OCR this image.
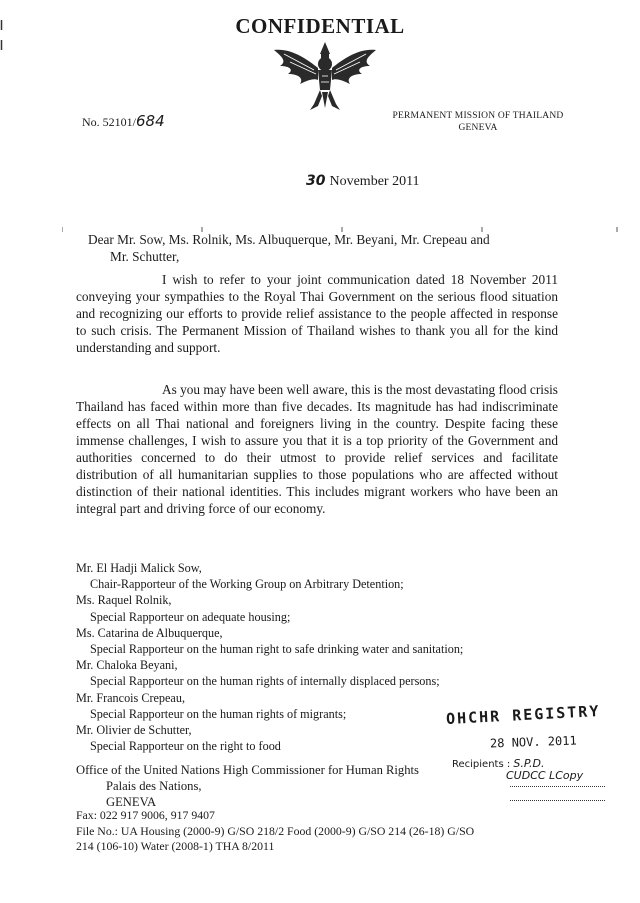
CONFIDENTIAL
No. 52101/684	PERMANENT MISSION OF THAILAND
GENEVA
30 November 2011
Dear Mr. Sow, Ms. Rolnik, Ms. Albuquerque, Mr. Beyani, Mr. Crepeau and
Mr. Schutter,
I wish to refer to your joint communication dated 18 November 2011 conveying your sympathies to the Royal Thai Government on the serious flood situation and recognizing our efforts to provide relief assistance to the people affected in response to such crisis. The Permanent Mission of Thailand wishes to thank you all for the kind understanding and support.
As you may have been well aware, this is the most devastating flood crisis Thailand has faced within more than five decades. Its magnitude has had indiscriminate effects on all Thai national and foreigners living in the country. Despite facing these immense challenges, I wish to assure you that it is a top priority of the Government and authorities concerned to do their utmost to provide relief services and facilitate distribution of all humanitarian supplies to those populations who are affected without distinction of their national identities. This includes migrant workers who have been an integral part and driving force of our economy.
Mr. El Hadji Malick Sow,
Chair-Rapporteur of the Working Group on Arbitrary Detention;
Ms. Raquel Rolnik,
Special Rapporteur on adequate housing;
Ms. Catarina de Albuquerque,
Special Rapporteur on the human right to safe drinking water and sanitation;
Mr. Chaloka Beyani,
Special Rapporteur on the human rights of internally displaced persons;
Mr. Francois Crepeau,
Special Rapporteur on the human rights of migrants;
Mr. Olivier de Schutter,
Special Rapporteur on the right to food
OHCHR REGISTRY
28 NOV. 2011
Office of the United Nations High Commissioner for Human Rights
Palais des Nations,
GENEVA
Recipients : S.P.D.
CUDCC LCopy
Fax: 022 917 9006, 917 9407
File No.: UA Housing (2000-9) G/SO 218/2 Food (2000-9) G/SO 214 (26-18) G/SO
214 (106-10) Water (2008-1) THA 8/2011
